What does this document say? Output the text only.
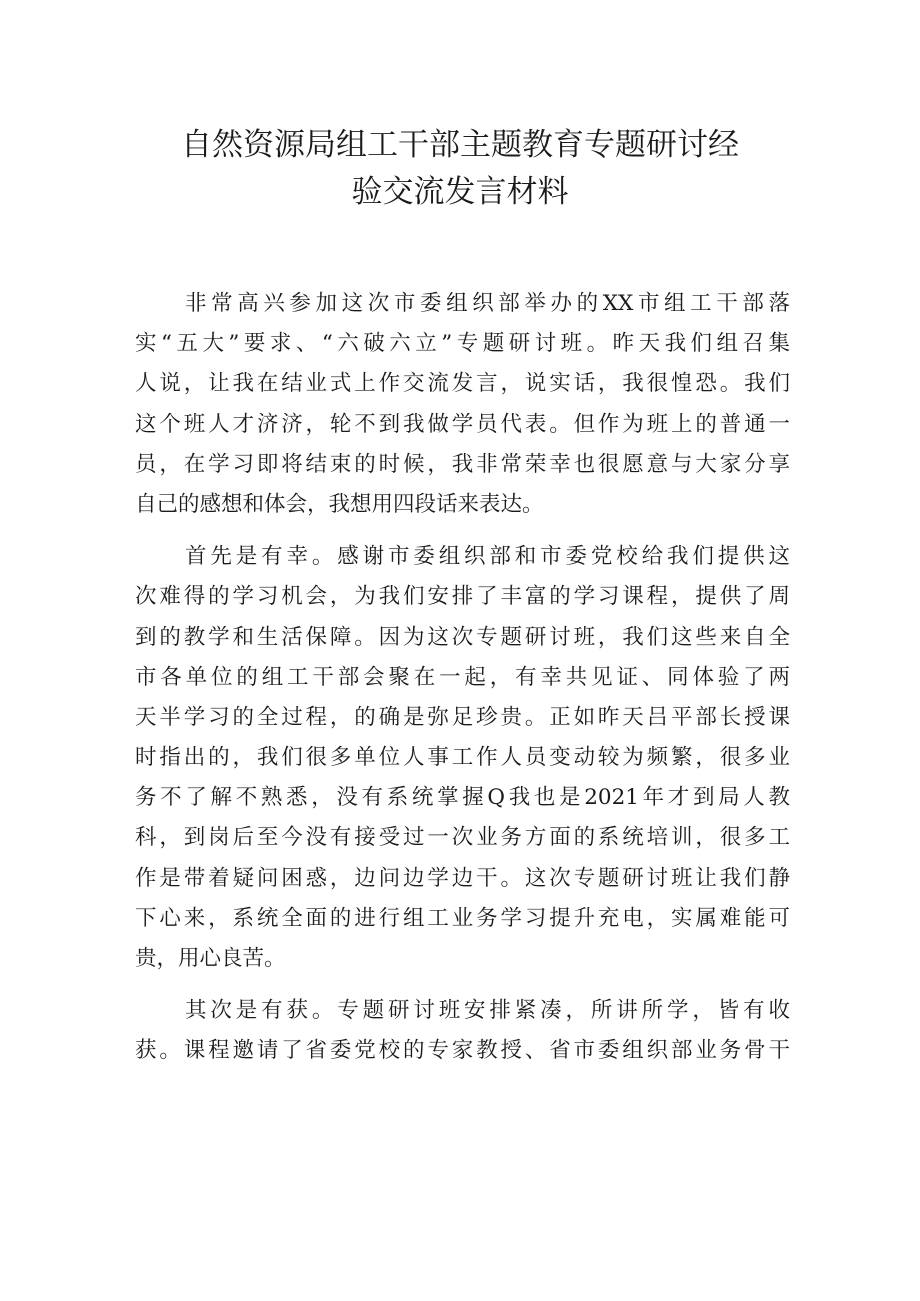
自然资源局组工干部主题教育专题研讨经
验交流发言材料

非常高兴参加这次市委组织部举办的XX市组工干部落
实“五大”要求、“六破六立”专题研讨班。昨天我们组召集
人说，让我在结业式上作交流发言，说实话，我很惶恐。我们
这个班人才济济，轮不到我做学员代表。但作为班上的普通一
员，在学习即将结束的时候，我非常荣幸也很愿意与大家分享
自己的感想和体会，我想用四段话来表达。

首先是有幸。感谢市委组织部和市委党校给我们提供这
次难得的学习机会，为我们安排了丰富的学习课程，提供了周
到的教学和生活保障。因为这次专题研讨班，我们这些来自全
市各单位的组工干部会聚在一起，有幸共见证、同体验了两
天半学习的全过程，的确是弥足珍贵。正如昨天吕平部长授课
时指出的，我们很多单位人事工作人员变动较为频繁，很多业
务不了解不熟悉，没有系统掌握Q我也是2021年才到局人教
科，到岗后至今没有接受过一次业务方面的系统培训，很多工
作是带着疑问困惑，边问边学边干。这次专题研讨班让我们静
下心来，系统全面的进行组工业务学习提升充电，实属难能可
贵，用心良苦。

其次是有获。专题研讨班安排紧凑，所讲所学，皆有收
获。课程邀请了省委党校的专家教授、省市委组织部业务骨干
